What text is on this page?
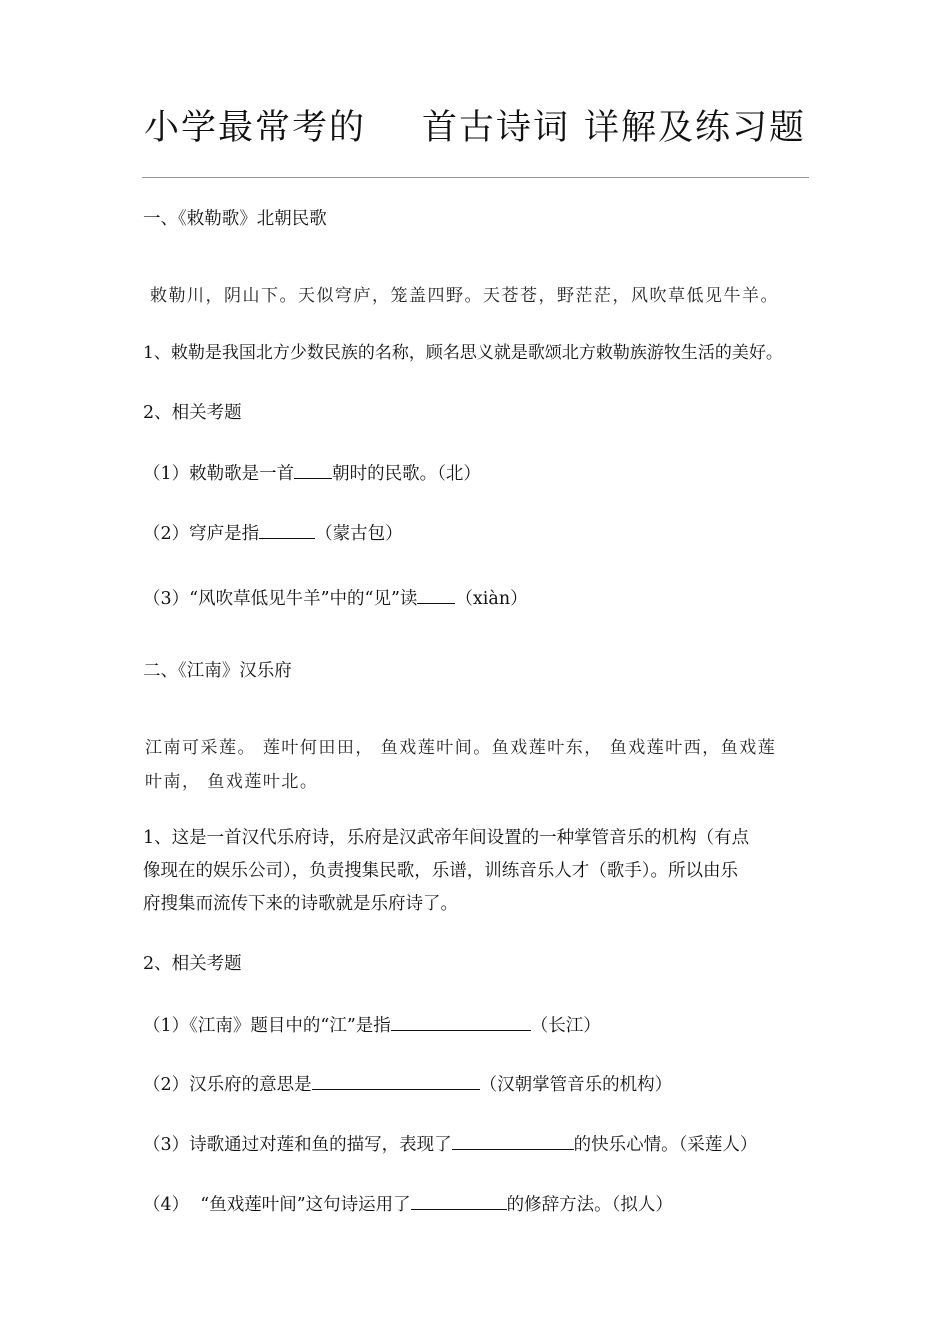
小学最常考的 首古诗词 详解及练习题
一、《敕勒歌》北朝民歌
敕勒川，阴山下。天似穹庐，笼盖四野。天苍苍，野茫茫，风吹草低见牛羊。
1、敕勒是我国北方少数民族的名称，顾名思义就是歌颂北方敕勒族游牧生活的美好。
2、相关考题
（1）敕勒歌是一首 朝时的民歌。（北）
（2）穹庐是指	（蒙古包）
（3）“风吹草低见牛羊”中的“见”读 （xiàn）
二、《江南》汉乐府
江南可采莲。 莲叶何田田， 鱼戏莲叶间。鱼戏莲叶东， 鱼戏莲叶西，鱼戏莲
叶南， 鱼戏莲叶北。
1、这是一首汉代乐府诗，乐府是汉武帝年间设置的一种掌管音乐的机构（有点
像现在的娱乐公司），负责搜集民歌，乐谱，训练音乐人才（歌手）。所以由乐
府搜集而流传下来的诗歌就是乐府诗了。
2、相关考题
（1）《江南》题目中的“江”是指	（长江）
（2）汉乐府的意思是	（汉朝掌管音乐的机构）
（3）诗歌通过对莲和鱼的描写，表现了	的快乐心情。（采莲人）
（4）  “鱼戏莲叶间”这句诗运用了	的修辞方法。（拟人）
